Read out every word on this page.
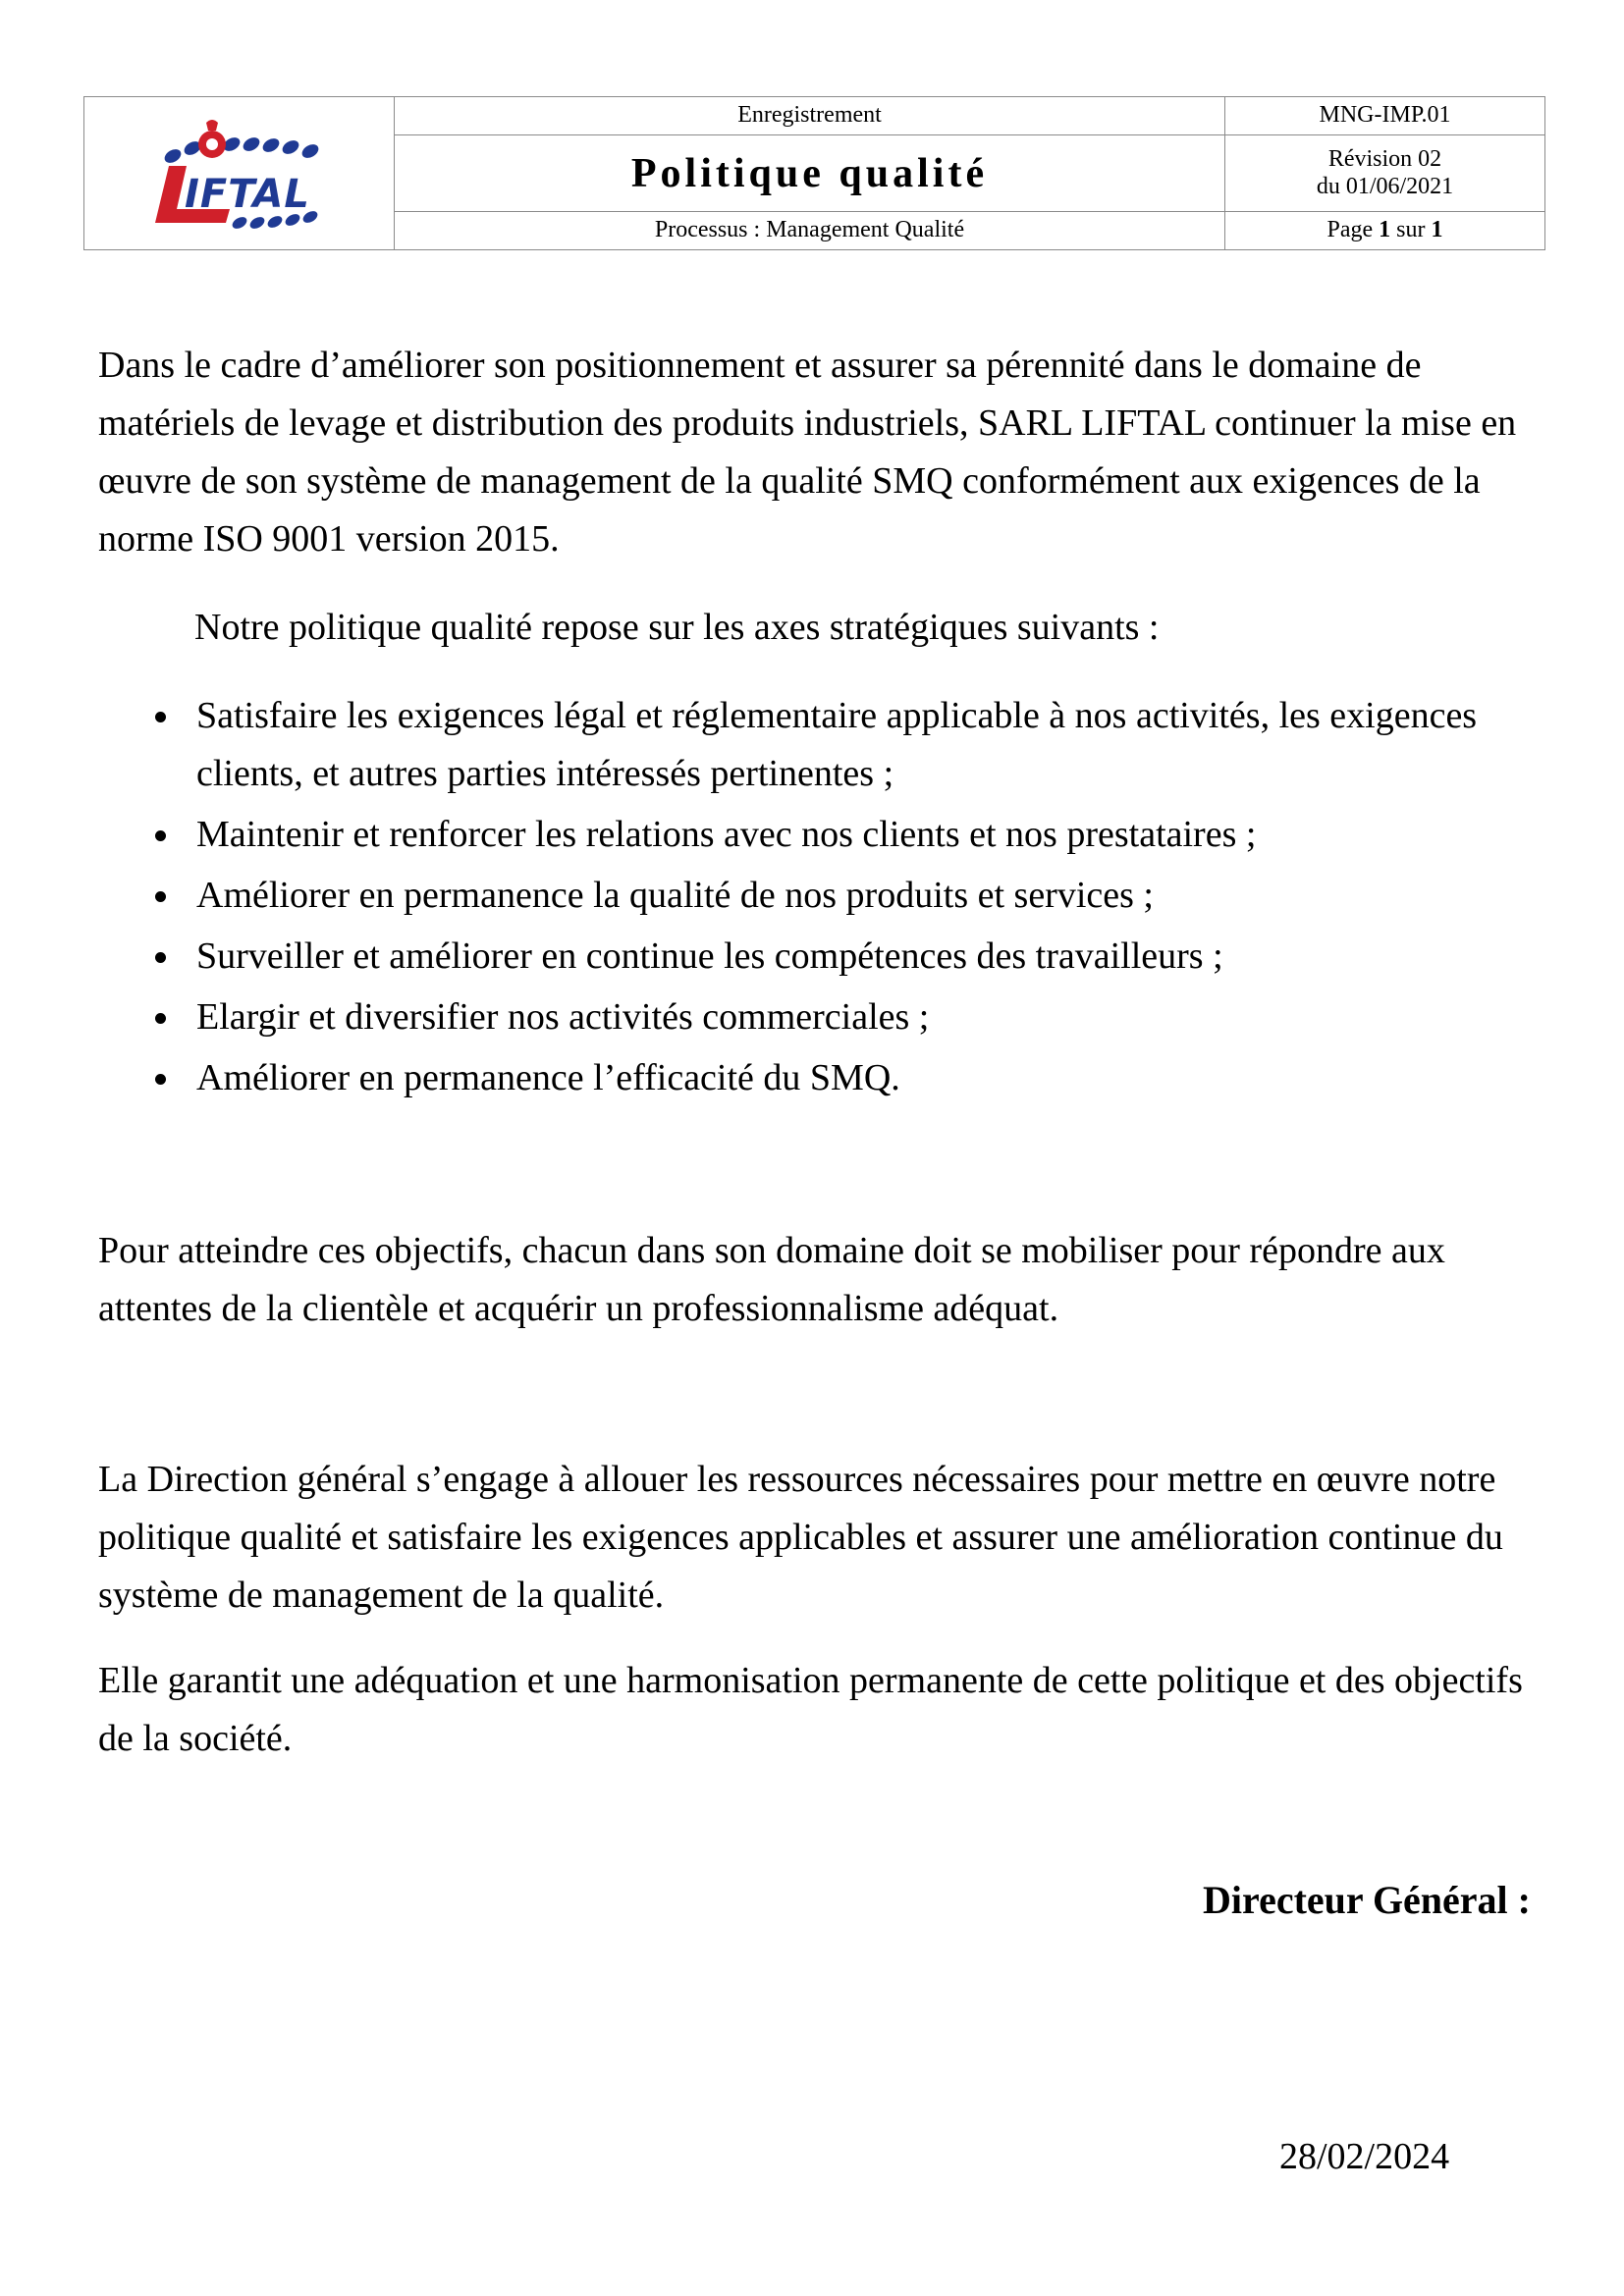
IFTAL	Enregistrement	MNG-IMP.01
	Politique qualité	Révision 02
du 01/06/2021

	Processus : Management Qualité	Page 1 sur 1

Dans le cadre d’améliorer son positionnement et assurer sa pérennité dans le domaine de matériels de levage et distribution des produits industriels, SARL LIFTAL continuer la mise en œuvre de son système de management de la qualité SMQ conformément aux exigences de la norme ISO 9001 version 2015.

Notre politique qualité repose sur les axes stratégiques suivants :

Satisfaire les exigences légal et réglementaire applicable à nos activités, les exigences clients, et autres parties intéressés pertinentes ;
Maintenir et renforcer les relations avec nos clients et nos prestataires ;
Améliorer en permanence la qualité de nos produits et services ;
Surveiller et améliorer en continue les compétences des travailleurs ;
Elargir et diversifier nos activités commerciales ;
Améliorer en permanence l’efficacité du SMQ.

Pour atteindre ces objectifs, chacun dans son domaine doit se mobiliser pour répondre aux attentes de la clientèle et acquérir un professionnalisme adéquat.

La Direction général s’engage à allouer les ressources nécessaires pour mettre en œuvre notre politique qualité et satisfaire les exigences applicables et assurer une amélioration continue du système de management de la qualité.

Elle garantit une adéquation et une harmonisation permanente de cette politique et des objectifs de la société.

Directeur Général :
28/02/2024
